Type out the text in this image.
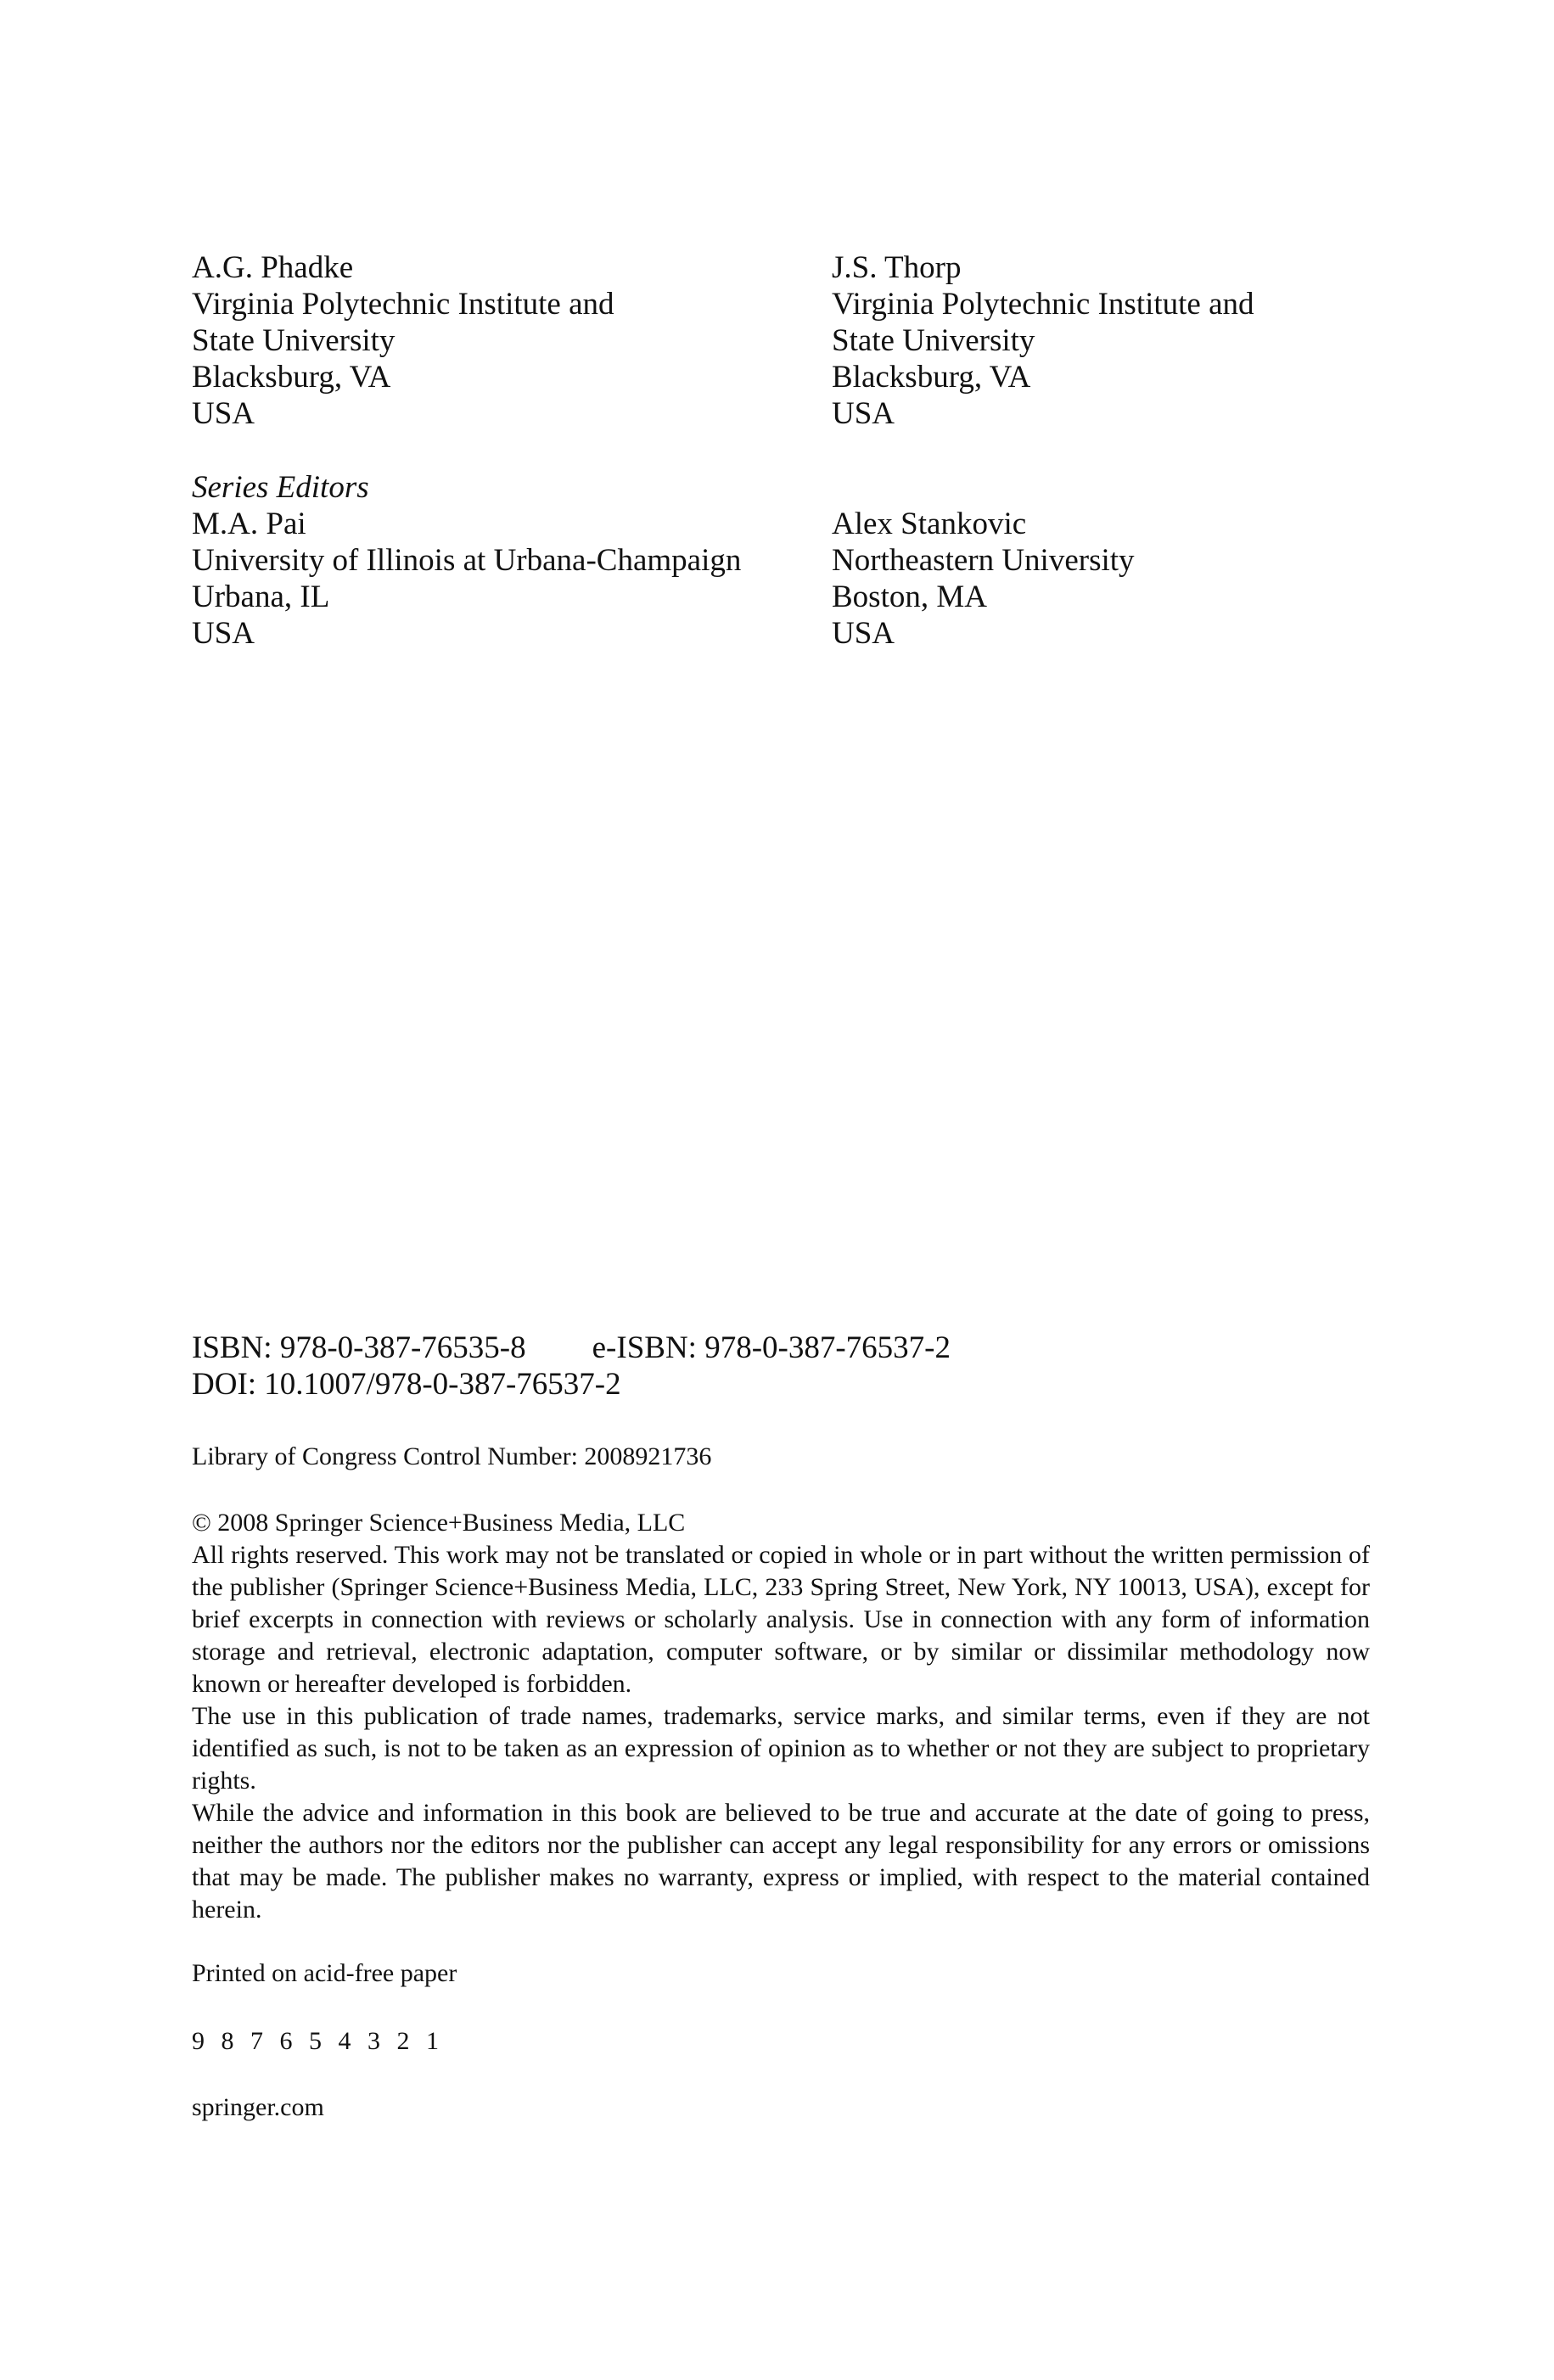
A.G. Phadke
Virginia Polytechnic Institute and
State University
Blacksburg, VA
USA
J.S. Thorp
Virginia Polytechnic Institute and
State University
Blacksburg, VA
USA
Series Editors
M.A. Pai
University of Illinois at Urbana-Champaign
Urbana, IL
USA
Alex Stankovic
Northeastern University
Boston, MA
USA
ISBN: 978-0-387-76535-8 e-ISBN: 978-0-387-76537-2
DOI: 10.1007/978-0-387-76537-2
Library of Congress Control Number: 2008921736

© 2008 Springer Science+Business Media, LLC

All rights reserved. This work may not be translated or copied in whole or in part without the written permission of the publisher (Springer Science+Business Media, LLC, 233 Spring Street, New York, NY 10013, USA), except for brief excerpts in connection with reviews or scholarly analysis. Use in connection with any form of information storage and retrieval, electronic adaptation, computer software, or by similar or dissimilar methodology now known or hereafter developed is forbidden.

The use in this publication of trade names, trademarks, service marks, and similar terms, even if they are not identified as such, is not to be taken as an expression of opinion as to whether or not they are subject to proprietary rights.

While the advice and information in this book are believed to be true and accurate at the date of going to press, neither the authors nor the editors nor the publisher can accept any legal responsibility for any errors or omissions that may be made. The publisher makes no warranty, express or implied, with respect to the material contained herein.

Printed on acid-free paper
9 8 7 6 5 4 3 2 1
springer.com
